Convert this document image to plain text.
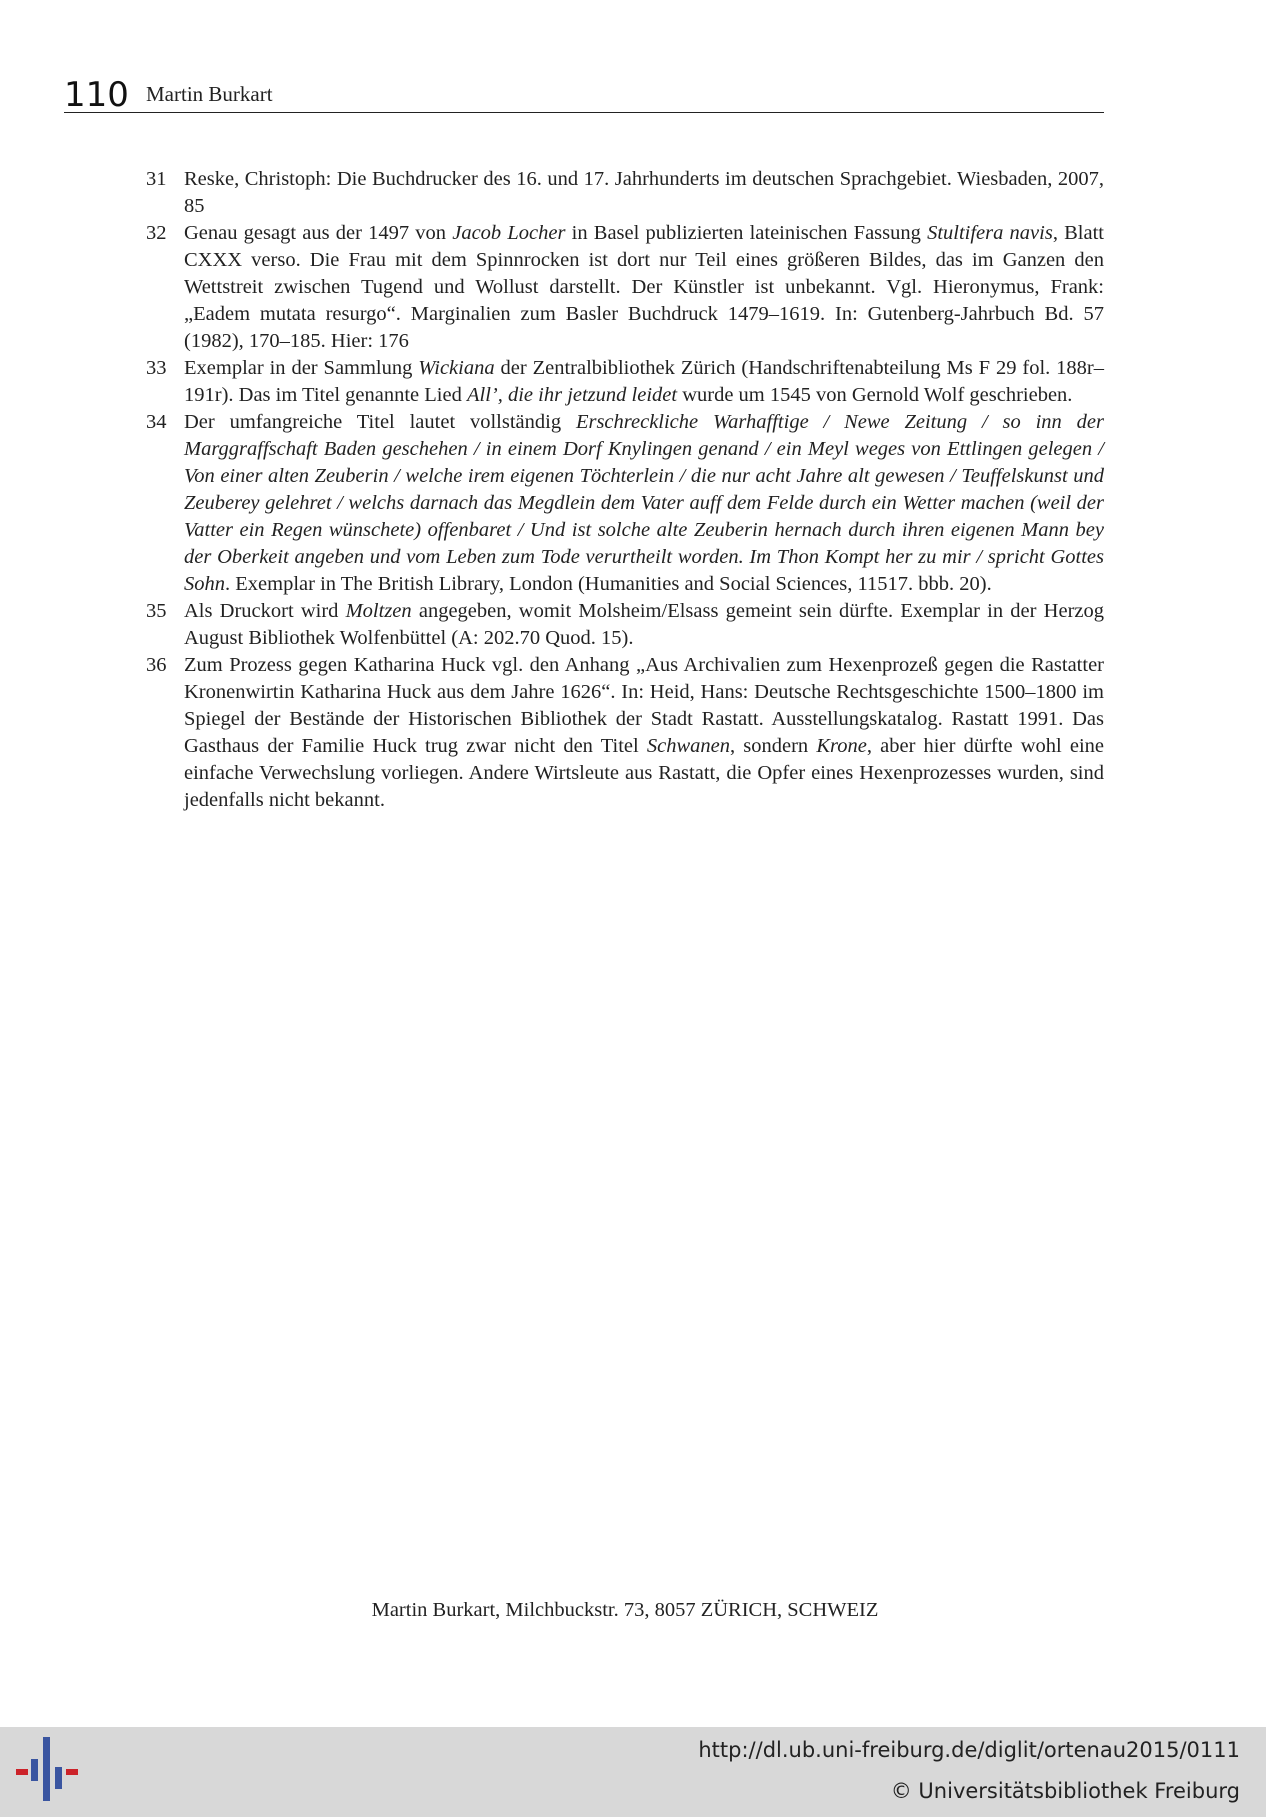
110 Martin Burkart

31 Reske, Christoph: Die Buchdrucker des 16. und 17. Jahrhunderts im deutschen Sprachgebiet. Wiesbaden, 2007, 85

32 Genau gesagt aus der 1497 von Jacob Locher in Basel publizierten lateinischen Fassung Stultifera navis, Blatt CXXX verso. Die Frau mit dem Spinnrocken ist dort nur Teil eines größeren Bildes, das im Ganzen den Wettstreit zwischen Tugend und Wollust darstellt. Der Künstler ist unbekannt. Vgl. Hieronymus, Frank: „Eadem mutata resurgo“. Marginalien zum Basler Buchdruck 1479–1619. In: Gutenberg-Jahrbuch Bd. 57 (1982), 170–185. Hier: 176

33 Exemplar in der Sammlung Wickiana der Zentralbibliothek Zürich (Handschriftenabteilung Ms F 29 fol. 188r–191r). Das im Titel genannte Lied All’, die ihr jetzund leidet wurde um 1545 von Gernold Wolf geschrieben.

34 Der umfangreiche Titel lautet vollständig Erschreckliche Warhafftige / Newe Zeitung / so inn der Marggraffschaft Baden geschehen / in einem Dorf Knylingen genand / ein Meyl weges von Ettlingen gelegen / Von einer alten Zeuberin / welche irem eigenen Töchterlein / die nur acht Jahre alt gewesen / Teuffelskunst und Zeuberey gelehret / welchs darnach das Megdlein dem Vater auff dem Felde durch ein Wetter machen (weil der Vatter ein Regen wünschete) offenbaret / Und ist solche alte Zeuberin hernach durch ihren eigenen Mann bey der Oberkeit angeben und vom Leben zum Tode verurtheilt worden. Im Thon Kompt her zu mir / spricht Gottes Sohn. Exemplar in The British Library, London (Humanities and Social Sciences, 11517. bbb. 20).

35 Als Druckort wird Moltzen angegeben, womit Molsheim/Elsass gemeint sein dürfte. Exemplar in der Herzog August Bibliothek Wolfenbüttel (A: 202.70 Quod. 15).

36 Zum Prozess gegen Katharina Huck vgl. den Anhang „Aus Archivalien zum Hexenprozeß gegen die Rastatter Kronenwirtin Katharina Huck aus dem Jahre 1626“. In: Heid, Hans: Deutsche Rechtsgeschichte 1500–1800 im Spiegel der Bestände der Historischen Bibliothek der Stadt Rastatt. Ausstellungskatalog. Rastatt 1991. Das Gasthaus der Familie Huck trug zwar nicht den Titel Schwanen, sondern Krone, aber hier dürfte wohl eine einfache Verwechslung vorliegen. Andere Wirtsleute aus Rastatt, die Opfer eines Hexenprozesses wurden, sind jedenfalls nicht bekannt.

Martin Burkart, Milchbuckstr. 73, 8057 ZÜRICH, SCHWEIZ
http://dl.ub.uni-freiburg.de/diglit/ortenau2015/0111
© Universitätsbibliothek Freiburg
